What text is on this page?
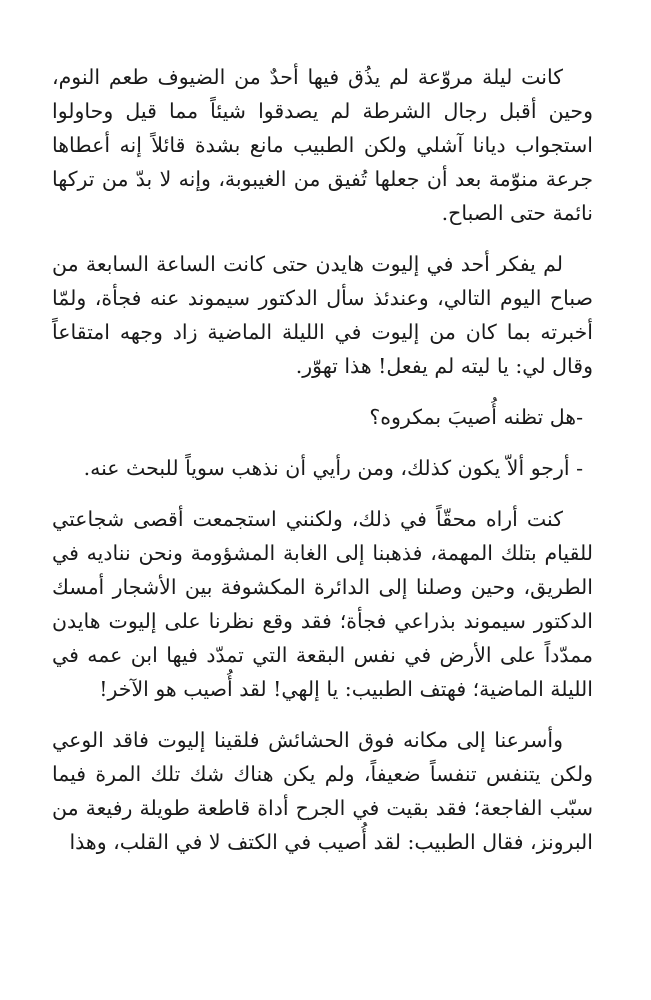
كانت ليلة مروّعة لم يذُق فيها أحدٌ من الضيوف طعم النوم، وحين أقبل رجال الشرطة لم يصدقوا شيئاً مما قيل وحاولوا استجواب ديانا آشلي ولكن الطبيب مانع بشدة قائلاً إنه أعطاها جرعة منوّمة بعد أن جعلها تُفيق من الغيبوبة، وإنه لا بدّ من تركها نائمة حتى الصباح.

لم يفكر أحد في إليوت هايدن حتى كانت الساعة السابعة من صباح اليوم التالي، وعندئذ سأل الدكتور سيموند عنه فجأة، ولمّا أخبرته بما كان من إليوت في الليلة الماضية زاد وجهه امتقاعاً وقال لي: يا ليته لم يفعل! هذا تهوّر.

-هل تظنه أُصيبَ بمكروه؟

- أرجو ألاّ يكون كذلك، ومن رأيي أن نذهب سوياً للبحث عنه.

كنت أراه محقّاً في ذلك، ولكنني استجمعت أقصى شجاعتي للقيام بتلك المهمة، فذهبنا إلى الغابة المشؤومة ونحن نناديه في الطريق، وحين وصلنا إلى الدائرة المكشوفة بين الأشجار أمسك الدكتور سيموند بذراعي فجأة؛ فقد وقع نظرنا على إليوت هايدن ممدّداً على الأرض في نفس البقعة التي تمدّد فيها ابن عمه في الليلة الماضية؛ فهتف الطبيب: يا إلهي! لقد أُصيب هو الآخر!

وأسرعنا إلى مكانه فوق الحشائش فلقينا إليوت فاقد الوعي ولكن يتنفس تنفساً ضعيفاً، ولم يكن هناك شك تلك المرة فيما سبّب الفاجعة؛ فقد بقيت في الجرح أداة قاطعة طويلة رفيعة من البرونز، فقال الطبيب: لقد أُصيب في الكتف لا في القلب، وهذا
